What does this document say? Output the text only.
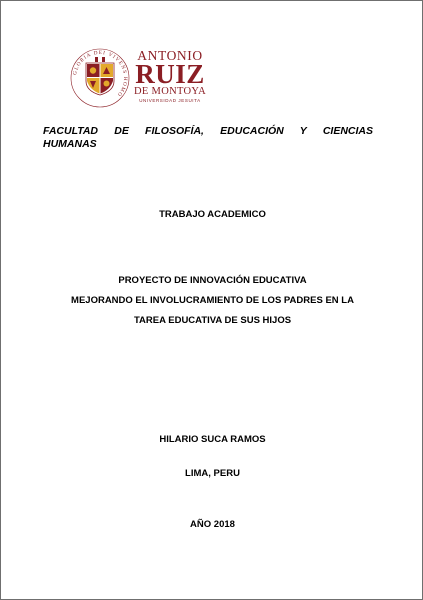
GLORIA DEI VIVENS HOMO
ANTONIO
RUIZ
DE MONTOYA
UNIVERSIDAD JESUITA
FACULTAD DE FILOSOFÍA, EDUCACIÓN Y CIENCIAS
HUMANAS
TRABAJO ACADEMICO
PROYECTO DE INNOVACIÓN EDUCATIVA
MEJORANDO EL INVOLUCRAMIENTO DE LOS PADRES EN LA
TAREA EDUCATIVA DE SUS HIJOS
HILARIO SUCA RAMOS
LIMA, PERU
AÑO 2018
